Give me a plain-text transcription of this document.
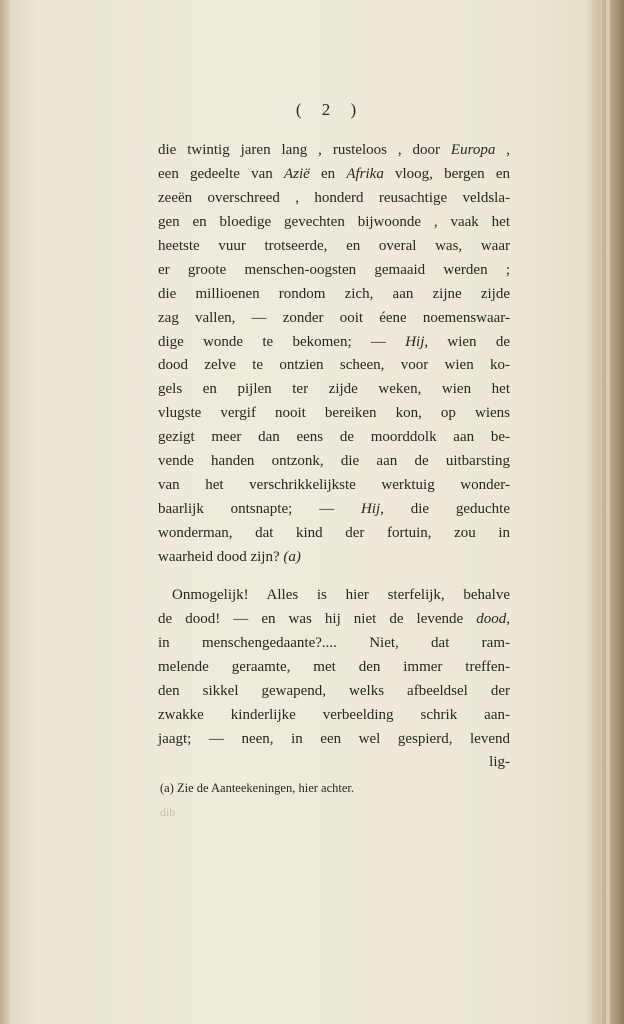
( 2 )
die twintig jaren lang , rusteloos , door Europa ,
een gedeelte van Azië en Afrika vloog, bergen en
zeeën overschreed , honderd reusachtige veldsla-
gen en bloedige gevechten bijwoonde , vaak het
heetste vuur trotseerde, en overal was, waar
er groote menschen-oogsten gemaaid werden ;
die millioenen rondom zich, aan zijne zijde
zag vallen, — zonder ooit éene noemenswaar-
dige wonde te bekomen; — Hij, wien de
dood zelve te ontzien scheen, voor wien ko-
gels en pijlen ter zijde weken, wien het
vlugste vergif nooit bereiken kon, op wiens
gezigt meer dan eens de moorddolk aan be-
vende handen ontzonk, die aan de uitbarsting
van het verschrikkelijkste werktuig wonder-
baarlijk ontsnapte; — Hij, die geduchte
wonderman, dat kind der fortuin, zou in
waarheid dood zijn? (a)
Onmogelijk! Alles is hier sterfelijk, behalve
de dood! — en was hij niet de levende dood,
in menschengedaante?.... Niet, dat ram-
melende geraamte, met den immer treffen-
den sikkel gewapend, welks afbeeldsel der
zwakke kinderlijke verbeelding schrik aan-
jaagt; — neen, in een wel gespierd, levend
lig-
(a) Zie de Aanteekeningen, hier achter.
dib
